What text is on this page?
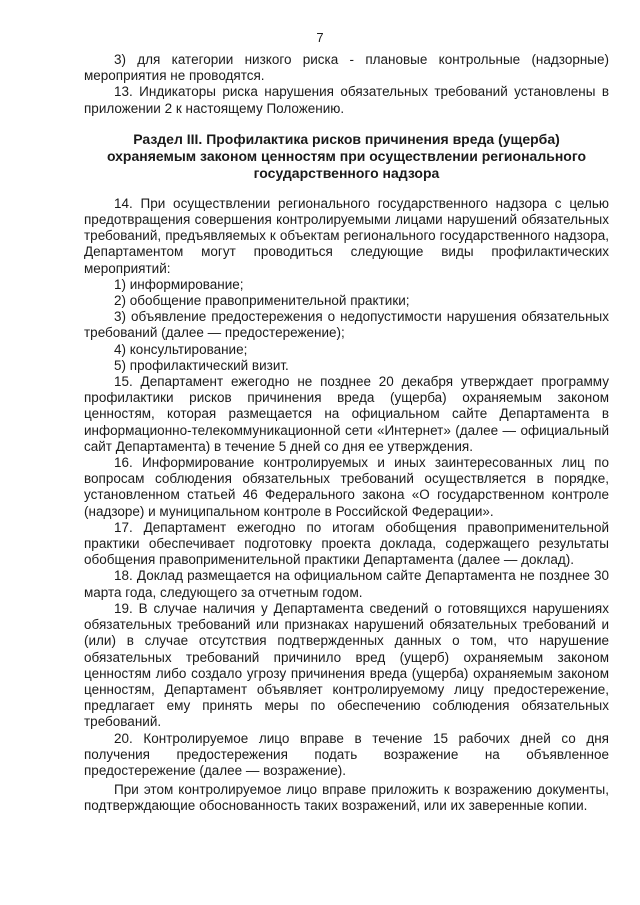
7

3) для категории низкого риска - плановые контрольные (надзорные) мероприятия не проводятся.

13. Индикаторы риска нарушения обязательных требований установлены в приложении 2 к настоящему Положению.

Раздел III. Профилактика рисков причинения вреда (ущерба)
охраняемым законом ценностям при осуществлении регионального
государственного надзора

14. При осуществлении регионального государственного надзора с целью предотвращения совершения контролируемыми лицами нарушений обязательных требований, предъявляемых к объектам регионального государственного надзора, Департаментом могут проводиться следующие виды профилактических мероприятий:

1) информирование;

2) обобщение правоприменительной практики;

3) объявление предостережения о недопустимости нарушения обязательных требований (далее — предостережение);

4) консультирование;

5) профилактический визит.

15. Департамент ежегодно не позднее 20 декабря утверждает программу профилактики рисков причинения вреда (ущерба) охраняемым законом ценностям, которая размещается на официальном сайте Департамента в информационно-телекоммуникационной сети «Интернет» (далее — официальный сайт Департамента) в течение 5 дней со дня ее утверждения.

16. Информирование контролируемых и иных заинтересованных лиц по вопросам соблюдения обязательных требований осуществляется в порядке, установленном статьей 46 Федерального закона «О государственном контроле (надзоре) и муниципальном контроле в Российской Федерации».

17. Департамент ежегодно по итогам обобщения правоприменительной практики обеспечивает подготовку проекта доклада, содержащего результаты обобщения правоприменительной практики Департамента (далее — доклад).

18. Доклад размещается на официальном сайте Департамента не позднее 30 марта года, следующего за отчетным годом.

19. В случае наличия у Департамента сведений о готовящихся нарушениях обязательных требований или признаках нарушений обязательных требований и (или) в случае отсутствия подтвержденных данных о том, что нарушение обязательных требований причинило вред (ущерб) охраняемым законом ценностям либо создало угрозу причинения вреда (ущерба) охраняемым законом ценностям, Департамент объявляет контролируемому лицу предостережение, предлагает ему принять меры по обеспечению соблюдения обязательных требований.

20. Контролируемое лицо вправе в течение 15 рабочих дней со дня получения предостережения подать возражение на объявленное предостережение (далее — возражение).

При этом контролируемое лицо вправе приложить к возражению документы, подтверждающие обоснованность таких возражений, или их заверенные копии.
